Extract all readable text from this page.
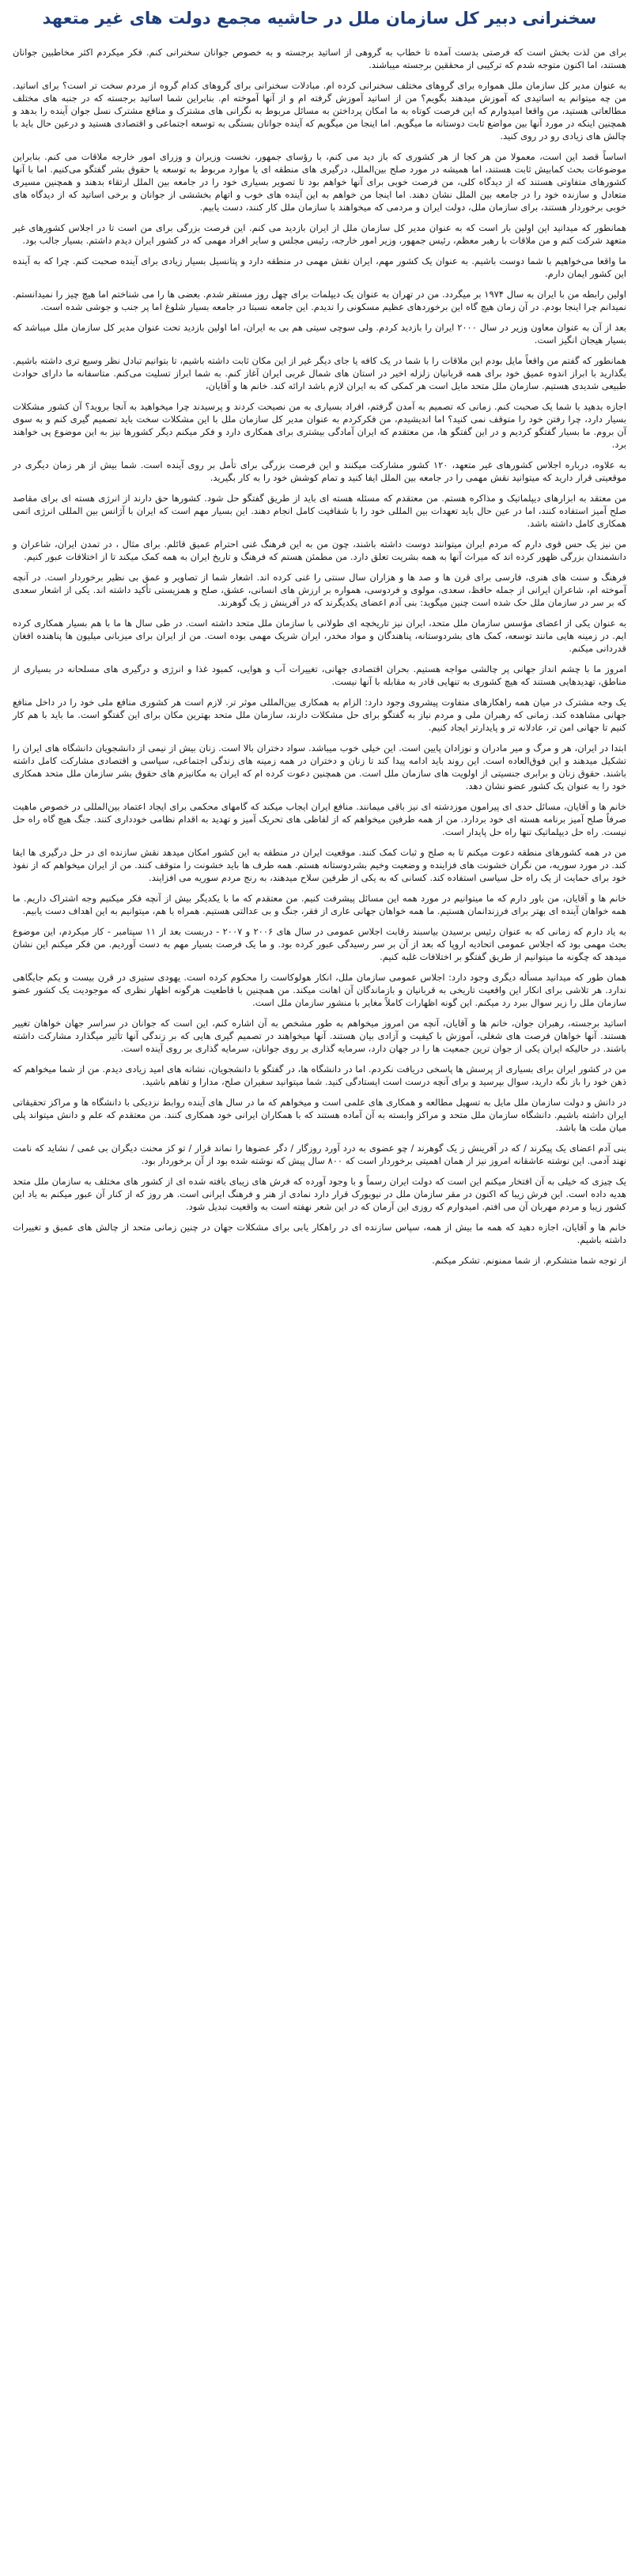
سخنرانی دبیر کل سازمان ملل در حاشیه مجمع دولت های غیر متعهد

برای من لذت بخش است که فرصتی بدست آمده تا خطاب به گروهی از اساتید برجسته و به خصوص جوانان سخنرانی کنم. فکر میکردم اکثر مخاطبین جوانان هستند، اما اکنون متوجه شدم که ترکیبی از محققین برجسته میباشند.

به عنوان مدیر کل سازمان ملل همواره برای گروهای مختلف سخنرانی کرده ام. مبادلات سخنرانی برای گروهای کدام گروه از مردم سخت تر است؟ برای اساتید. من چه میتوانم به اساتیدی که آموزش میدهند بگویم؟ من از اساتید آموزش گرفته ام و از آنها آموخته ام. بنابراین شما اساتید برجسته که در جنبه های مختلف مطالعاتی هستید، من واقعا امیدوارم که این فرصت کوتاه به ما امکان پرداختن به مسائل مربوط به نگرانی های مشترک و منافع مشترک نسل جوان آینده را بدهد و همچنین اینکه در مورد آنها بین مواضع ثابت دوستانه ما میگویم. اما اینجا من میگویم که آینده جوانان بستگی به توسعه اجتماعی و اقتصادی هستید و درعین حال باید با چالش های زیادی رو در روی کنید.

اساساً قصد این است، معمولا من هر کجا از هر کشوری که باز دید می کنم، با رؤسای جمهور، نخست وزیران و وزرای امور خارجه ملاقات می کنم. بنابراین موضوعات بحث کمابیش ثابت هستند، اما همیشه در مورد صلح بین‌الملل، درگیری های منطقه ای یا موارد مربوط به توسعه یا حقوق بشر گفتگو می‌کنیم. اما با آنها کشورهای متفاوتی هستند که از دیدگاه کلی، من فرصت خوبی برای آنها خواهم بود تا تصویر بسیاری خود را در جامعه بین الملل ارتقاء بدهند و همچنین مسیری متعادل و سازنده خود را در جامعه بین الملل نشان دهند. اما اینجا من خواهم به این آینده های خوب و اتهام بخششی از جوانان و برخی اساتید که از دیدگاه های خوبی برخوردار هستند، برای سازمان ملل، دولت ایران و مردمی که میخواهند با سازمان ملل کار کنند، دست یابیم.

همانطور که میدانید این اولین بار است که به عنوان مدیر کل سازمان ملل از ایران بازدید می کنم. این فرصت بزرگی برای من است تا در اجلاس کشورهای غیر متعهد شرکت کنم و من ملاقات با رهبر معظم، رئیس جمهور، وزیر امور خارجه، رئیس مجلس و سایر افراد مهمی که در کشور ایران دیدم داشتم. بسیار جالب بود.

ما واقعا می‌خواهیم با شما دوست باشیم. به عنوان یک کشور مهم، ایران نقش مهمی در منطقه دارد و پتانسیل بسیار زیادی برای آینده صحبت کنم. چرا که به آینده این کشور ایمان دارم.

اولین رابطه من با ایران به سال ۱۹۷۴ بر میگردد. من در تهران به عنوان یک دیپلمات برای چهل روز مستقر شدم. بعضی ها را می شناختم اما هیچ چیز را نمیدانستم. نمیدانم چرا اینجا بودم. در آن زمان هیچ گاه این برخوردهای عظیم مسکونی را ندیدم. این جامعه نسبتا در جامعه بسیار شلوغ اما پر جنب و جوشی شده است.

بعد از آن به عنوان معاون وزیر در سال ۲۰۰۰ ایران را بازدید کردم. ولی سوچی سیتی هم بی به ایران، اما اولین بازدید تحت عنوان مدیر کل سازمان ملل میباشد که بسیار هیجان انگیز است.

همانطور که گفتم من واقعاً مایل بودم این ملاقات را با شما در یک کافه یا جای دیگر غیر از این مکان ثابت داشته باشیم، تا بتوانیم تبادل نظر وسیع تری داشته باشیم. بگذارید با ابراز اندوه عمیق خود برای همه قربانیان زلزله اخیر در استان های شمال غربی ایران آغاز کنم. به شما ابراز تسلیت می‌کنم. متاسفانه ما دارای حوادث طبیعی شدیدی هستیم. سازمان ملل متحد مایل است هر کمکی که به ایران لازم باشد ارائه کند. خانم ها و آقایان،

اجازه بدهید با شما یک صحبت کنم. زمانی که تصمیم به آمدن گرفتم، افراد بسیاری به من نصیحت کردند و پرسیدند چرا میخواهید به آنجا بروید؟ آن کشور مشکلات بسیار دارد، چرا رفتن خود را متوقف نمی کنید؟ اما اندیشیدم، من فکرکردم به عنوان مدیر کل سازمان ملل با این مشکلات سخت باید تصمیم گیری کنم و به سوی آن بروم. ما بسیار گفتگو کردیم و در این گفتگو ها، من معتقدم که ایران آمادگی بیشتری برای همکاری دارد و فکر میکنم دیگر کشورها نیز به این موضوع پی خواهند برد.

به علاوه، درباره اجلاس کشورهای غیر متعهد، ۱۲۰ کشور مشارکت میکنند و این فرصت بزرگی برای تأمل بر روی آینده است. شما بیش از هر زمان دیگری در موقعیتی قرار دارید که میتوانید نقش مهمی را در جامعه بین الملل ایفا کنید و تمام کوشش خود را به کار بگیرید.

من معتقد به ابزارهای دیپلماتیک و مذاکره هستم. من معتقدم که مسئله هسته ای باید از طریق گفتگو حل شود. کشورها حق دارند از انرژی هسته ای برای مقاصد صلح آمیز استفاده کنند، اما در عین حال باید تعهدات بین المللی خود را با شفافیت کامل انجام دهند. این بسیار مهم است که ایران با آژانس بین المللی انرژی اتمی همکاری کامل داشته باشد.

من نیز یک حس قوی دارم که مردم ایران میتوانند دوست داشته باشند، چون من به این فرهنگ غنی احترام عمیق قائلم. برای مثال ، در تمدن ایران، شاعران و دانشمندان بزرگی ظهور کرده اند که میراث آنها به همه بشریت تعلق دارد. من مطمئن هستم که فرهنگ و تاریخ ایران به همه کمک میکند تا از اختلافات عبور کنیم.

فرهنگ و سنت های هنری، فارسی برای قرن ها و صد ها و هزاران سال سنتی را غنی کرده اند. اشعار شما از تصاویر و عمق بی نظیر برخوردار است. در آنچه آموخته ام، شاعران ایرانی از جمله حافظ، سعدی، مولوی و فردوسی، همواره بر ارزش های انسانی، عشق، صلح و همزیستی تأکید داشته اند. یکی از اشعار سعدی که بر سر در سازمان ملل حک شده است چنین میگوید: بنی آدم اعضای یکدیگرند که در آفرینش ز یک گوهرند.

به عنوان یکی از اعضای مؤسس سازمان ملل متحد، ایران نیز تاریخچه ای طولانی با سازمان ملل متحد داشته است. در طی سال ها ما با هم بسیار همکاری کرده ایم. در زمینه هایی مانند توسعه، کمک های بشردوستانه، پناهندگان و مواد مخدر، ایران شریک مهمی بوده است. من از ایران برای میزبانی میلیون ها پناهنده افغان قدردانی میکنم.

امروز ما با چشم انداز جهانی پر چالشی مواجه هستیم. بحران اقتصادی جهانی، تغییرات آب و هوایی، کمبود غذا و انرژی و درگیری های مسلحانه در بسیاری از مناطق، تهدیدهایی هستند که هیچ کشوری به تنهایی قادر به مقابله با آنها نیست.

یک وجه مشترک در میان همه راهکارهای متفاوت پیشروی وجود دارد: الزام به همکاری بین‌المللی موثر تر. لازم است هر کشوری منافع ملی خود را در داخل منافع جهانی مشاهده کند. زمانی که رهبران ملی و مردم نیاز به گفتگو برای حل مشکلات دارند، سازمان ملل متحد بهترین مکان برای این گفتگو است. ما باید با هم کار کنیم تا جهانی امن تر، عادلانه تر و پایدارتر ایجاد کنیم.

ابتدا در ایران، هر و مرگ و میر مادران و نوزادان پایین است. این خیلی خوب میباشد. سواد دختران بالا است. زنان بیش از نیمی از دانشجویان دانشگاه های ایران را تشکیل میدهند و این فوق‌العاده است. این روند باید ادامه پیدا کند تا زنان و دختران در همه زمینه های زندگی اجتماعی، سیاسی و اقتصادی مشارکت کامل داشته باشند. حقوق زنان و برابری جنسیتی از اولویت های سازمان ملل است. من همچنین دعوت کرده ام که ایران به مکانیزم های حقوق بشر سازمان ملل متحد همکاری خود را به عنوان یک کشور عضو نشان دهد.

خانم ها و آقایان، مسائل حدی ای پیرامون موزدشته ای نیز باقی میمانند. منافع ایران ایجاب میکند که گامهای محکمی برای ایجاد اعتماد بین‌المللی در خصوص ماهیت صرفاً صلح آمیز برنامه هسته ای خود بردارد. من از همه طرفین میخواهم که از لفاظی های تحریک آمیز و تهدید به اقدام نظامی خودداری کنند. جنگ هیچ گاه راه حل نیست. راه حل دیپلماتیک تنها راه حل پایدار است.

من در همه کشورهای منطقه دعوت میکنم تا به صلح و ثبات کمک کنند. موقعیت ایران در منطقه به این کشور امکان میدهد نقش سازنده ای در حل درگیری ها ایفا کند. در مورد سوریه، من نگران خشونت های فزاینده و وضعیت وخیم بشردوستانه هستم. همه طرف ها باید خشونت را متوقف کنند. من از ایران میخواهم که از نفوذ خود برای حمایت از یک راه حل سیاسی استفاده کند. کسانی که به یکی از طرفین سلاح میدهند، به رنج مردم سوریه می افزایند.

خانم ها و آقایان، من باور دارم که ما میتوانیم در مورد همه این مسائل پیشرفت کنیم. من معتقدم که ما با یکدیگر بیش از آنچه فکر میکنیم وجه اشتراک داریم. ما همه خواهان آینده ای بهتر برای فرزندانمان هستیم. ما همه خواهان جهانی عاری از فقر، جنگ و بی عدالتی هستیم. همراه با هم، میتوانیم به این اهداف دست یابیم.

به یاد دارم که زمانی که به عنوان رئیس برسیدن بیاسبند رقابت اجلاس عمومی در سال های ۲۰۰۶ و ۲۰۰۷ - دربست بعد از ۱۱ سپتامبر - کار میکردم، این موضوع بحث مهمی بود که اجلاس عمومی اتحادیه اروپا که بعد از آن بر سر رسیدگی عبور کرده بود. و ما یک فرصت بسیار مهم به دست آوردیم. من فکر میکنم این نشان میدهد که چگونه ما میتوانیم از طریق گفتگو بر اختلافات غلبه کنیم.

همان طور که میدانید مسأله دیگری وجود دارد: اجلاس عمومی سازمان ملل، انکار هولوکاست را محکوم کرده است. یهودی ستیزی در قرن بیست و یکم جایگاهی ندارد. هر تلاشی برای انکار این واقعیت تاریخی به قربانیان و بازماندگان آن اهانت میکند. من همچنین با قاطعیت هرگونه اظهار نظری که موجودیت یک کشور عضو سازمان ملل را زیر سوال ببرد رد میکنم. این گونه اظهارات کاملاً مغایر با منشور سازمان ملل است.

اساتید برجسته، رهبران جوان، خانم ها و آقایان، آنچه من امروز میخواهم به طور مشخص به آن اشاره کنم، این است که جوانان در سراسر جهان خواهان تغییر هستند. آنها خواهان فرصت های شغلی، آموزش با کیفیت و آزادی بیان هستند. آنها میخواهند در تصمیم گیری هایی که بر زندگی آنها تأثیر میگذارد مشارکت داشته باشند. در حالیکه ایران یکی از جوان ترین جمعیت ها را در جهان دارد، سرمایه گذاری بر روی جوانان، سرمایه گذاری بر روی آینده است.

من در کشور ایران برای بسیاری از پرسش ها پاسخی دریافت نکردم. اما در دانشگاه ها، در گفتگو با دانشجویان، نشانه های امید زیادی دیدم. من از شما میخواهم که ذهن خود را باز نگه دارید، سوال بپرسید و برای آنچه درست است ایستادگی کنید. شما میتوانید سفیران صلح، مدارا و تفاهم باشید.

در دانش و دولت سازمان ملل مایل به تسهیل مطالعه و همکاری های علمی است و میخواهم که ما در سال های آینده روابط نزدیکی با دانشگاه ها و مراکز تحقیقاتی ایران داشته باشیم. دانشگاه سازمان ملل متحد و مراکز وابسته به آن آماده هستند که با همکاران ایرانی خود همکاری کنند. من معتقدم که علم و دانش میتواند پلی میان ملت ها باشد.

بنی آدم اعضای یک پیکرند / که در آفرینش ز یک گوهرند / چو عضوی به درد آورد روزگار / دگر عضوها را نماند قرار / تو کز محنت دیگران بی غمی / نشاید که نامت نهند آدمی. این نوشته عاشقانه امروز نیز از همان اهمیتی برخوردار است که ۸۰۰ سال پیش که نوشته شده بود از آن برخوردار بود.

یک چیزی که خیلی به آن افتخار میکنم این است که دولت ایران رسماً و با وجود آورده که فرش های زیبای بافته شده ای از کشور های مختلف به سازمان ملل متحد هدیه داده است. این فرش زیبا که اکنون در مقر سازمان ملل در نیویورک قرار دارد نمادی از هنر و فرهنگ ایرانی است. هر روز که از کنار آن عبور میکنم به یاد این کشور زیبا و مردم مهربان آن می افتم. امیدوارم که روزی این آرمان که در این شعر نهفته است به واقعیت تبدیل شود.

خانم ها و آقایان، اجازه دهید که همه ما بیش از همه، سپاس سازنده ای در راهکار یابی برای مشکلات جهان در چنین زمانی متحد از چالش های عمیق و تغییرات داشته باشیم.

از توجه شما متشکرم. از شما ممنونم. تشکر میکنم.
